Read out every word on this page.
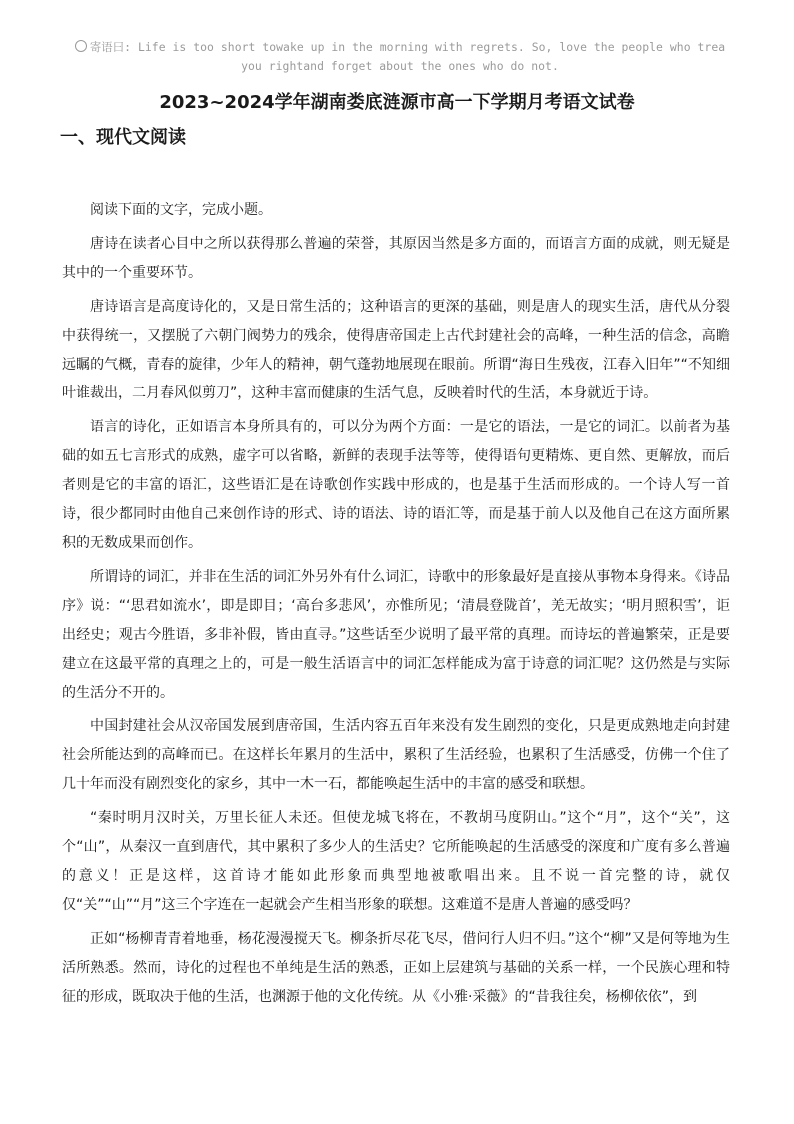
寄语曰: Life is too short towake up in the morning with regrets. So, love the people who trea
you rightand forget about the ones who do not.
2023~2024学年湖南娄底涟源市高一下学期月考语文试卷
一、现代文阅读

阅读下面的文字，完成小题。

唐诗在读者心目中之所以获得那么普遍的荣誉，其原因当然是多方面的，而语言方面的成就，则无疑是其中的一个重要环节。

唐诗语言是高度诗化的，又是日常生活的；这种语言的更深的基础，则是唐人的现实生活，唐代从分裂中获得统一，又摆脱了六朝门阀势力的残余，使得唐帝国走上古代封建社会的高峰，一种生活的信念，高瞻远瞩的气概，青春的旋律，少年人的精神，朝气蓬勃地展现在眼前。所谓“海日生残夜，江春入旧年”“不知细叶谁裁出，二月春风似剪刀”，这种丰富而健康的生活气息，反映着时代的生活，本身就近于诗。

语言的诗化，正如语言本身所具有的，可以分为两个方面：一是它的语法，一是它的词汇。以前者为基础的如五七言形式的成熟，虚字可以省略，新鲜的表现手法等等，使得语句更精炼、更自然、更解放，而后者则是它的丰富的语汇，这些语汇是在诗歌创作实践中形成的，也是基于生活而形成的。一个诗人写一首诗，很少都同时由他自己来创作诗的形式、诗的语法、诗的语汇等，而是基于前人以及他自己在这方面所累积的无数成果而创作。

所谓诗的词汇，并非在生活的词汇外另外有什么词汇，诗歌中的形象最好是直接从事物本身得来。《诗品序》说：“‘思君如流水’，即是即目；‘高台多悲风’，亦惟所见；‘清晨登陇首’，羌无故实；‘明月照积雪’，讵出经史；观古今胜语，多非补假，皆由直寻。”这些话至少说明了最平常的真理。而诗坛的普遍繁荣，正是要建立在这最平常的真理之上的，可是一般生活语言中的词汇怎样能成为富于诗意的词汇呢？这仍然是与实际的生活分不开的。

中国封建社会从汉帝国发展到唐帝国，生活内容五百年来没有发生剧烈的变化，只是更成熟地走向封建社会所能达到的高峰而已。在这样长年累月的生活中，累积了生活经验，也累积了生活感受，仿佛一个住了几十年而没有剧烈变化的家乡，其中一木一石，都能唤起生活中的丰富的感受和联想。

“秦时明月汉时关，万里长征人未还。但使龙城飞将在，不教胡马度阴山。”这个“月”，这个“关”，这个“山”，从秦汉一直到唐代，其中累积了多少人的生活史？它所能唤起的生活感受的深度和广度有多么普遍的意义！正是这样，这首诗才能如此形象而典型地被歌唱出来。且不说一首完整的诗，就仅仅“关”“山”“月”这三个字连在一起就会产生相当形象的联想。这难道不是唐人普遍的感受吗？

正如“杨柳青青着地垂，杨花漫漫搅天飞。柳条折尽花飞尽，借问行人归不归。”这个“柳”又是何等地为生活所熟悉。然而，诗化的过程也不单纯是生活的熟悉，正如上层建筑与基础的关系一样，一个民族心理和特征的形成，既取决于他的生活，也渊源于他的文化传统。从《小雅·采薇》的“昔我往矣，杨柳依依”，到
